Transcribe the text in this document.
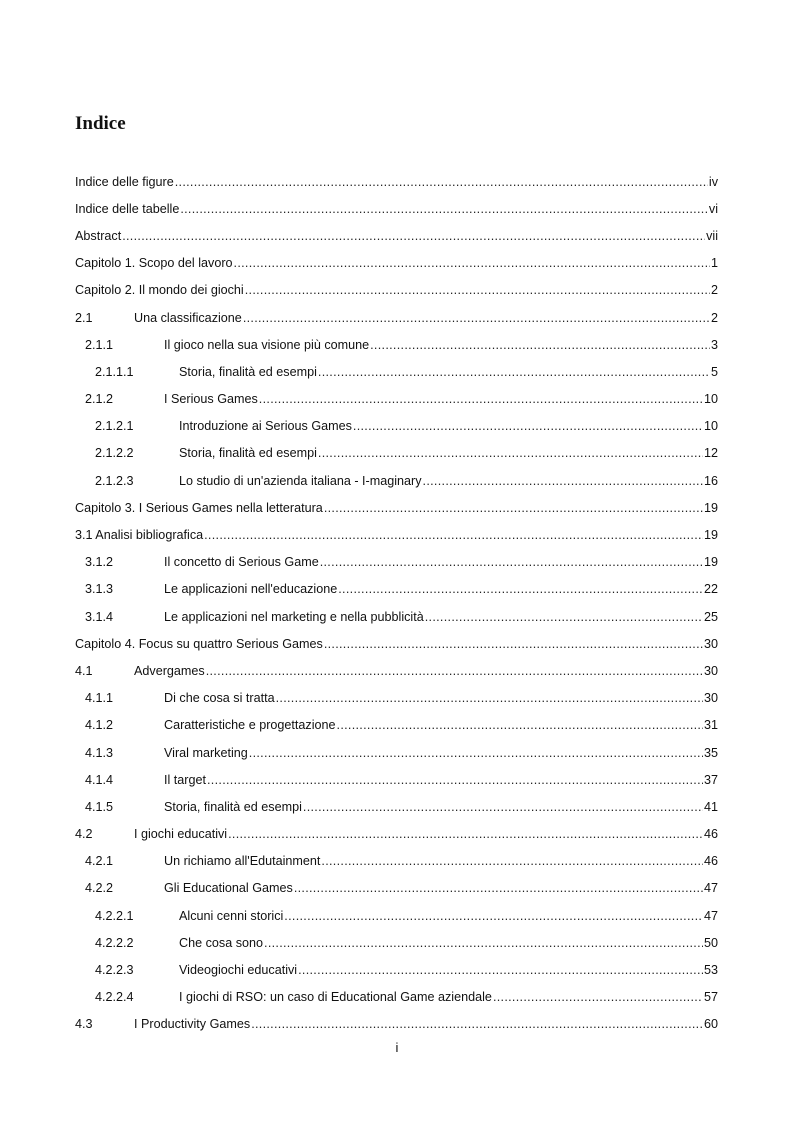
Indice
Indice delle figure .....	iv
Indice delle tabelle .....	vi
Abstract .....	vii
Capitolo 1. Scopo del lavoro .....	1
Capitolo 2. Il mondo dei giochi .....	2
2.1	Una classificazione .....	2
2.1.1	Il gioco nella sua visione più comune .....	3
2.1.1.1	Storia, finalità ed esempi .....	5
2.1.2	I Serious Games .....	10
2.1.2.1	Introduzione ai Serious Games .....	10
2.1.2.2	Storia, finalità ed esempi .....	12
2.1.2.3	Lo studio di un'azienda italiana - I-maginary .....	16
Capitolo 3. I Serious Games nella letteratura .....	19
3.1 Analisi bibliografica .....	19
3.1.2	Il concetto di Serious Game .....	19
3.1.3	Le applicazioni nell'educazione .....	22
3.1.4	Le applicazioni nel marketing e nella pubblicità .....	25
Capitolo 4. Focus su quattro Serious Games .....	30
4.1	Advergames .....	30
4.1.1	Di che cosa si tratta .....	30
4.1.2	Caratteristiche e progettazione .....	31
4.1.3	Viral marketing .....	35
4.1.4	Il target .....	37
4.1.5	Storia, finalità ed esempi .....	41
4.2	I giochi educativi .....	46
4.2.1	Un richiamo all'Edutainment .....	46
4.2.2	Gli Educational Games .....	47
4.2.2.1	Alcuni cenni storici .....	47
4.2.2.2	Che cosa sono .....	50
4.2.2.3	Videogiochi educativi .....	53
4.2.2.4	I giochi di RSO: un caso di Educational Game aziendale .....	57
4.3	I Productivity Games .....	60
i
